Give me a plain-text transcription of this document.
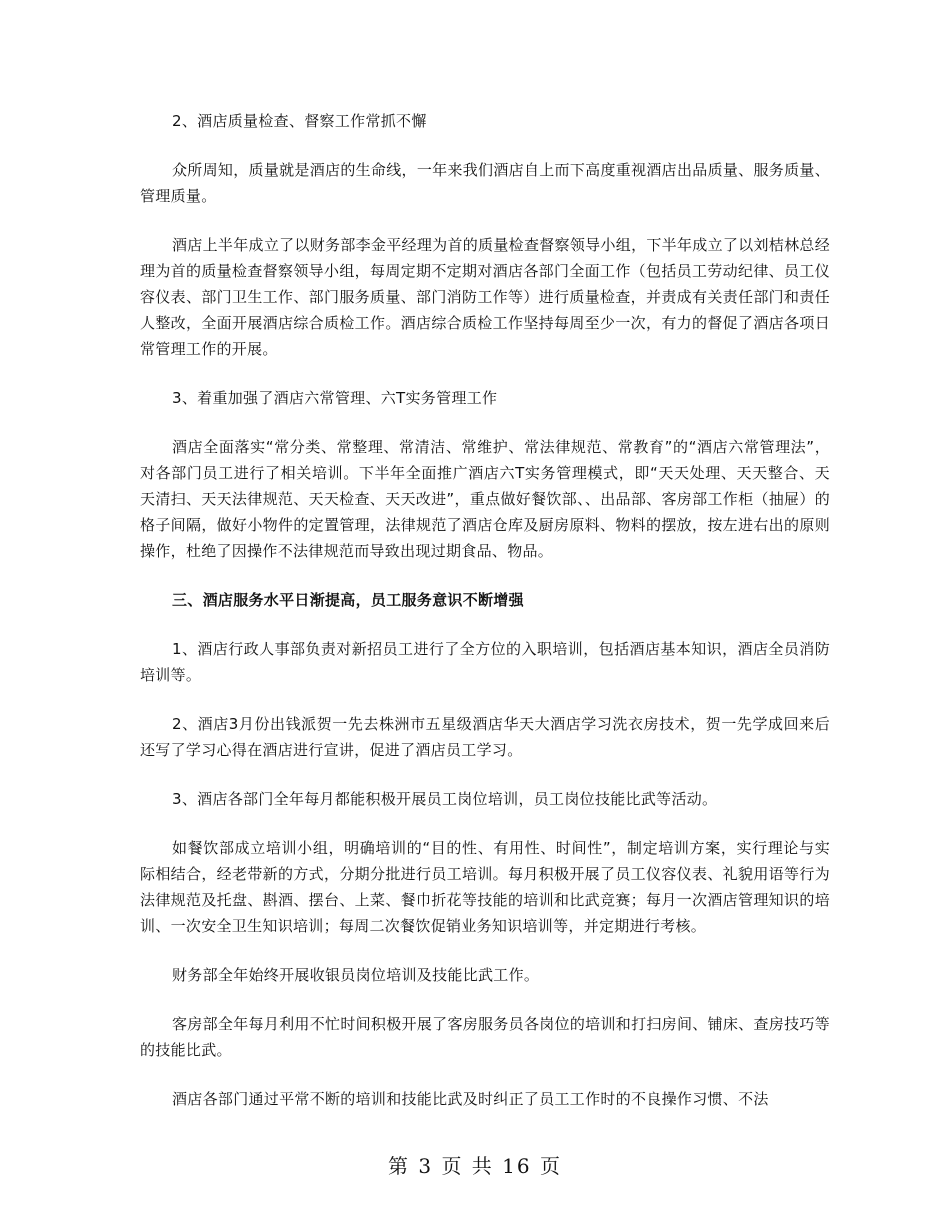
2、酒店质量检查、督察工作常抓不懈

众所周知，质量就是酒店的生命线，一年来我们酒店自上而下高度重视酒店出品质量、服务质量、管理质量。

酒店上半年成立了以财务部李金平经理为首的质量检查督察领导小组，下半年成立了以刘桔林总经理为首的质量检查督察领导小组，每周定期不定期对酒店各部门全面工作（包括员工劳动纪律、员工仪容仪表、部门卫生工作、部门服务质量、部门消防工作等）进行质量检查，并责成有关责任部门和责任人整改，全面开展酒店综合质检工作。酒店综合质检工作坚持每周至少一次，有力的督促了酒店各项日常管理工作的开展。

3、着重加强了酒店六常管理、六T实务管理工作

酒店全面落实“常分类、常整理、常清洁、常维护、常法律规范、常教育”的“酒店六常管理法”，对各部门员工进行了相关培训。下半年全面推广酒店六T实务管理模式，即“天天处理、天天整合、天天清扫、天天法律规范、天天检查、天天改进”，重点做好餐饮部、、出品部、客房部工作柜（抽屉）的格子间隔，做好小物件的定置管理，法律规范了酒店仓库及厨房原料、物料的摆放，按左进右出的原则操作，杜绝了因操作不法律规范而导致出现过期食品、物品。

三、酒店服务水平日渐提高，员工服务意识不断增强

1、酒店行政人事部负责对新招员工进行了全方位的入职培训，包括酒店基本知识，酒店全员消防培训等。

2、酒店3月份出钱派贺一先去株洲市五星级酒店华天大酒店学习洗衣房技术，贺一先学成回来后还写了学习心得在酒店进行宣讲，促进了酒店员工学习。

3、酒店各部门全年每月都能积极开展员工岗位培训，员工岗位技能比武等活动。

如餐饮部成立培训小组，明确培训的“目的性、有用性、时间性”，制定培训方案，实行理论与实际相结合，经老带新的方式，分期分批进行员工培训。每月积极开展了员工仪容仪表、礼貌用语等行为法律规范及托盘、斟酒、摆台、上菜、餐巾折花等技能的培训和比武竞赛；每月一次酒店管理知识的培训、一次安全卫生知识培训；每周二次餐饮促销业务知识培训等，并定期进行考核。

财务部全年始终开展收银员岗位培训及技能比武工作。

客房部全年每月利用不忙时间积极开展了客房服务员各岗位的培训和打扫房间、铺床、查房技巧等的技能比武。

酒店各部门通过平常不断的培训和技能比武及时纠正了员工工作时的不良操作习惯、不法

第 3 页 共 16 页
